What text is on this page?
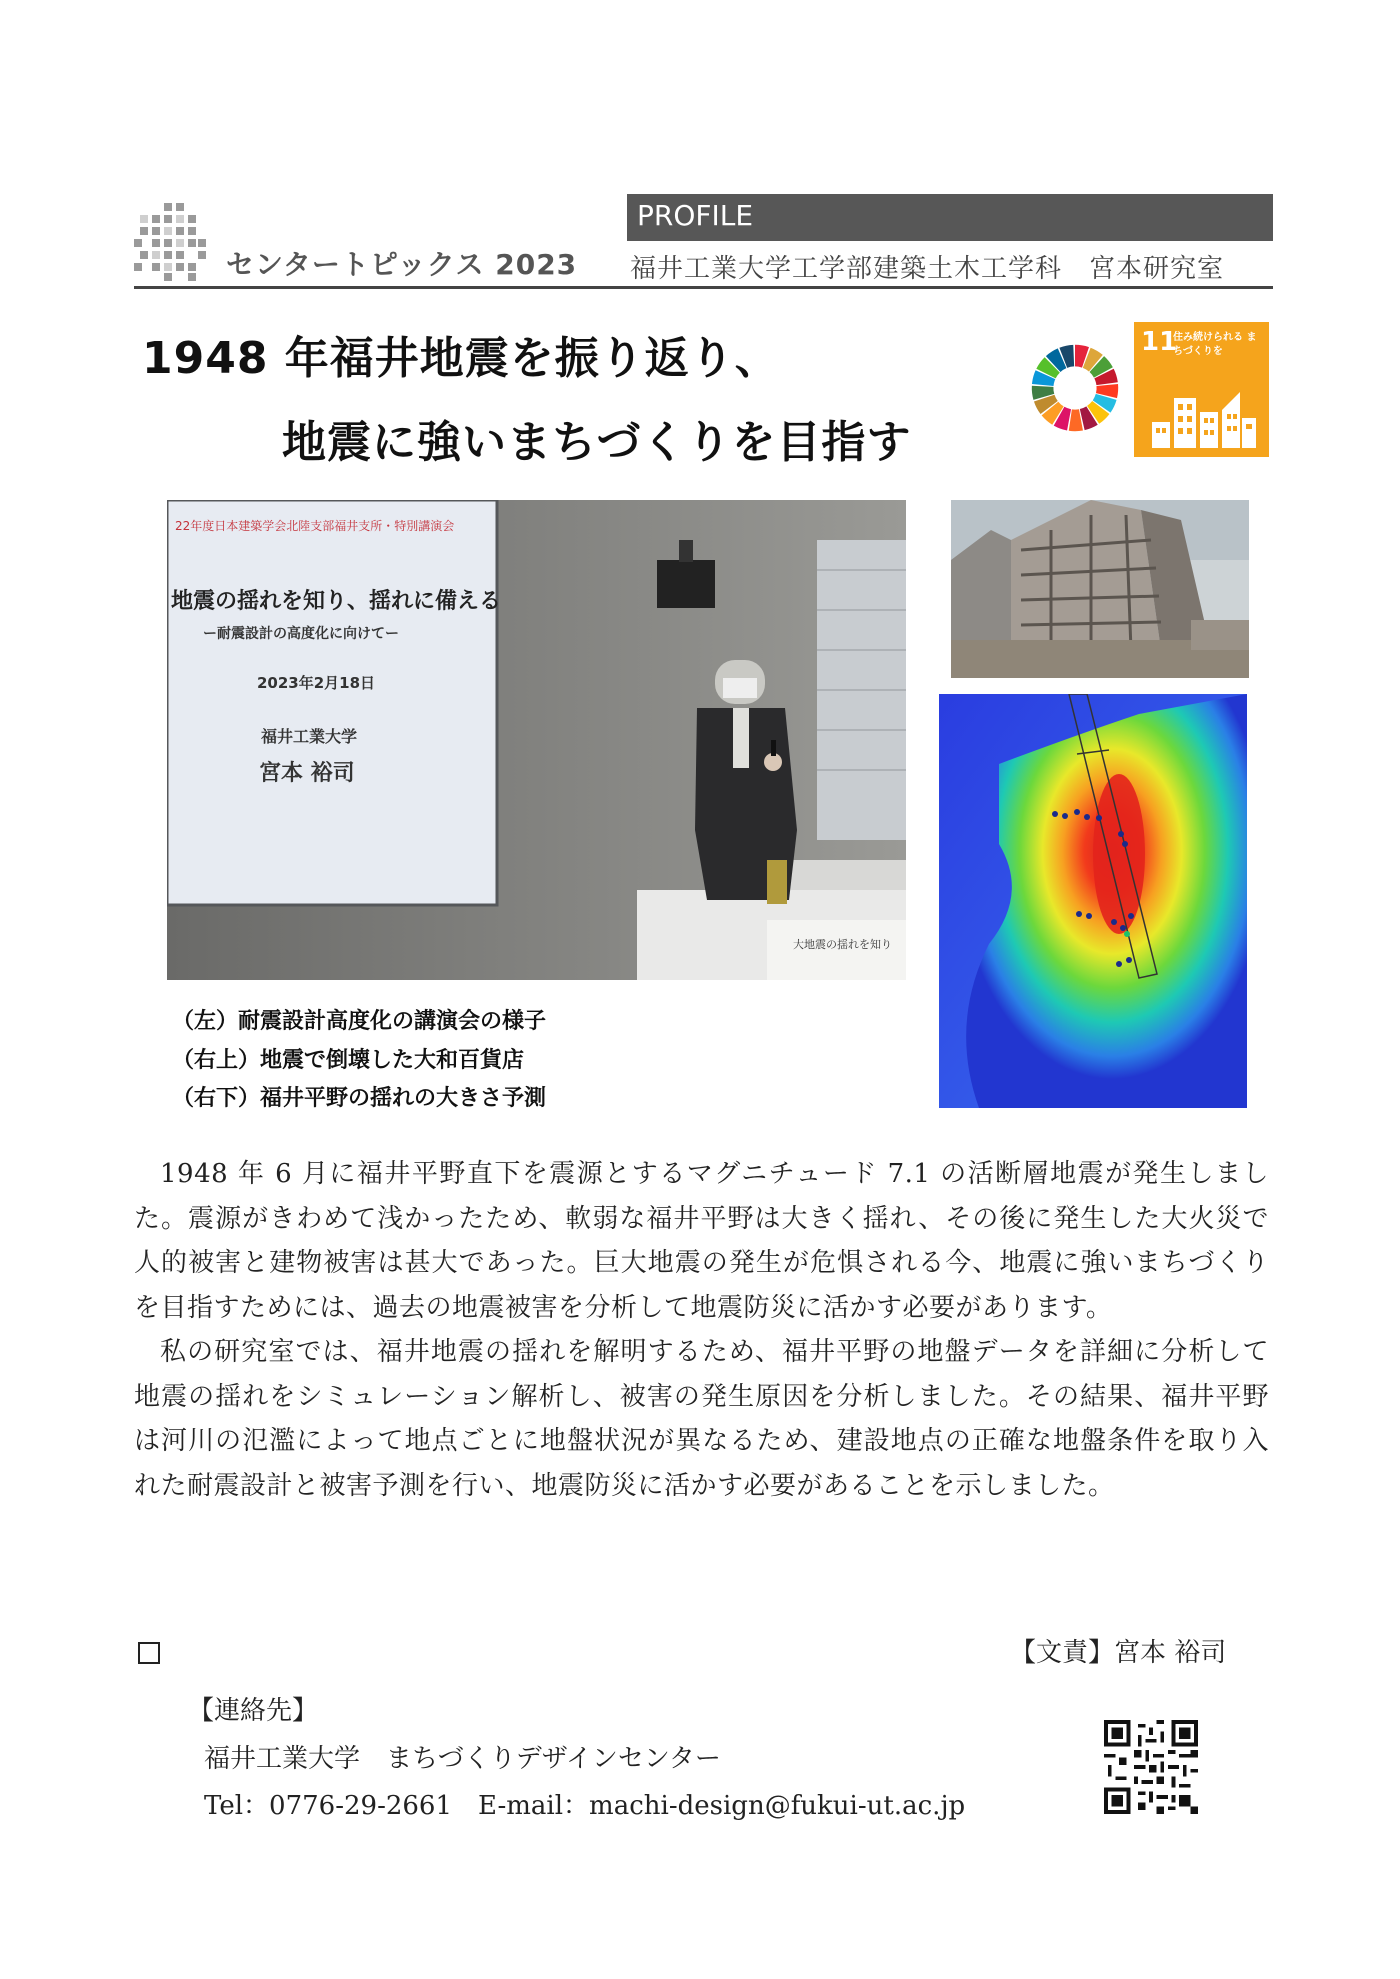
センタートピックス 2023
PROFILE
福井工業大学工学部建築土木工学科　宮本研究室
1948 年福井地震を振り返り、
地震に強いまちづくりを目指す
11
住み続けられる まちづくりを
22年度日本建築学会北陸支部福井支所・特別講演会
地震の揺れを知り、揺れに備える
ー耐震設計の高度化に向けてー
2023年2月18日
福井工業大学
宮本 裕司
大地震の揺れを知り
（左）耐震設計高度化の講演会の様子
（右上）地震で倒壊した大和百貨店
（右下）福井平野の揺れの大きさ予測

1948 年 6 月に福井平野直下を震源とするマグニチュード 7.1 の活断層地震が発生しました。震源がきわめて浅かったため、軟弱な福井平野は大きく揺れ、その後に発生した大火災で人的被害と建物被害は甚大であった。巨大地震の発生が危惧される今、地震に強いまちづくりを目指すためには、過去の地震被害を分析して地震防災に活かす必要があります。

私の研究室では、福井地震の揺れを解明するため、福井平野の地盤データを詳細に分析して地震の揺れをシミュレーション解析し、被害の発生原因を分析しました。その結果、福井平野は河川の氾濫によって地点ごとに地盤状況が異なるため、建設地点の正確な地盤条件を取り入れた耐震設計と被害予測を行い、地震防災に活かす必要があることを示しました。

【文責】宮本 裕司
【連絡先】
福井工業大学　まちづくりデザインセンター
Tel：0776-29-2661　E-mail：machi-design@fukui-ut.ac.jp
